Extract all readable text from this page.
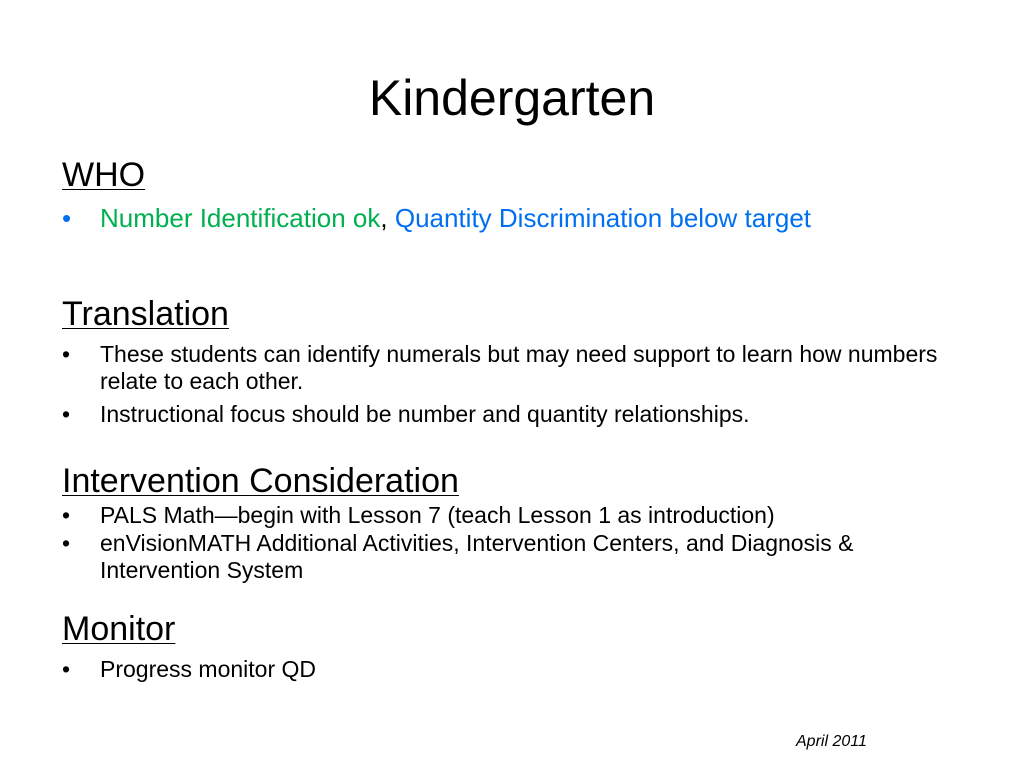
Kindergarten
WHO
• Number Identification ok, Quantity Discrimination below target
Translation
• These students can identify numerals but may need support to learn how numbers relate to each other.
• Instructional focus should be number and quantity relationships.
Intervention Consideration
• PALS Math—begin with Lesson 7 (teach Lesson 1 as introduction)
• enVisionMATH Additional Activities, Intervention Centers, and Diagnosis & Intervention System
Monitor
• Progress monitor QD
April 2011
